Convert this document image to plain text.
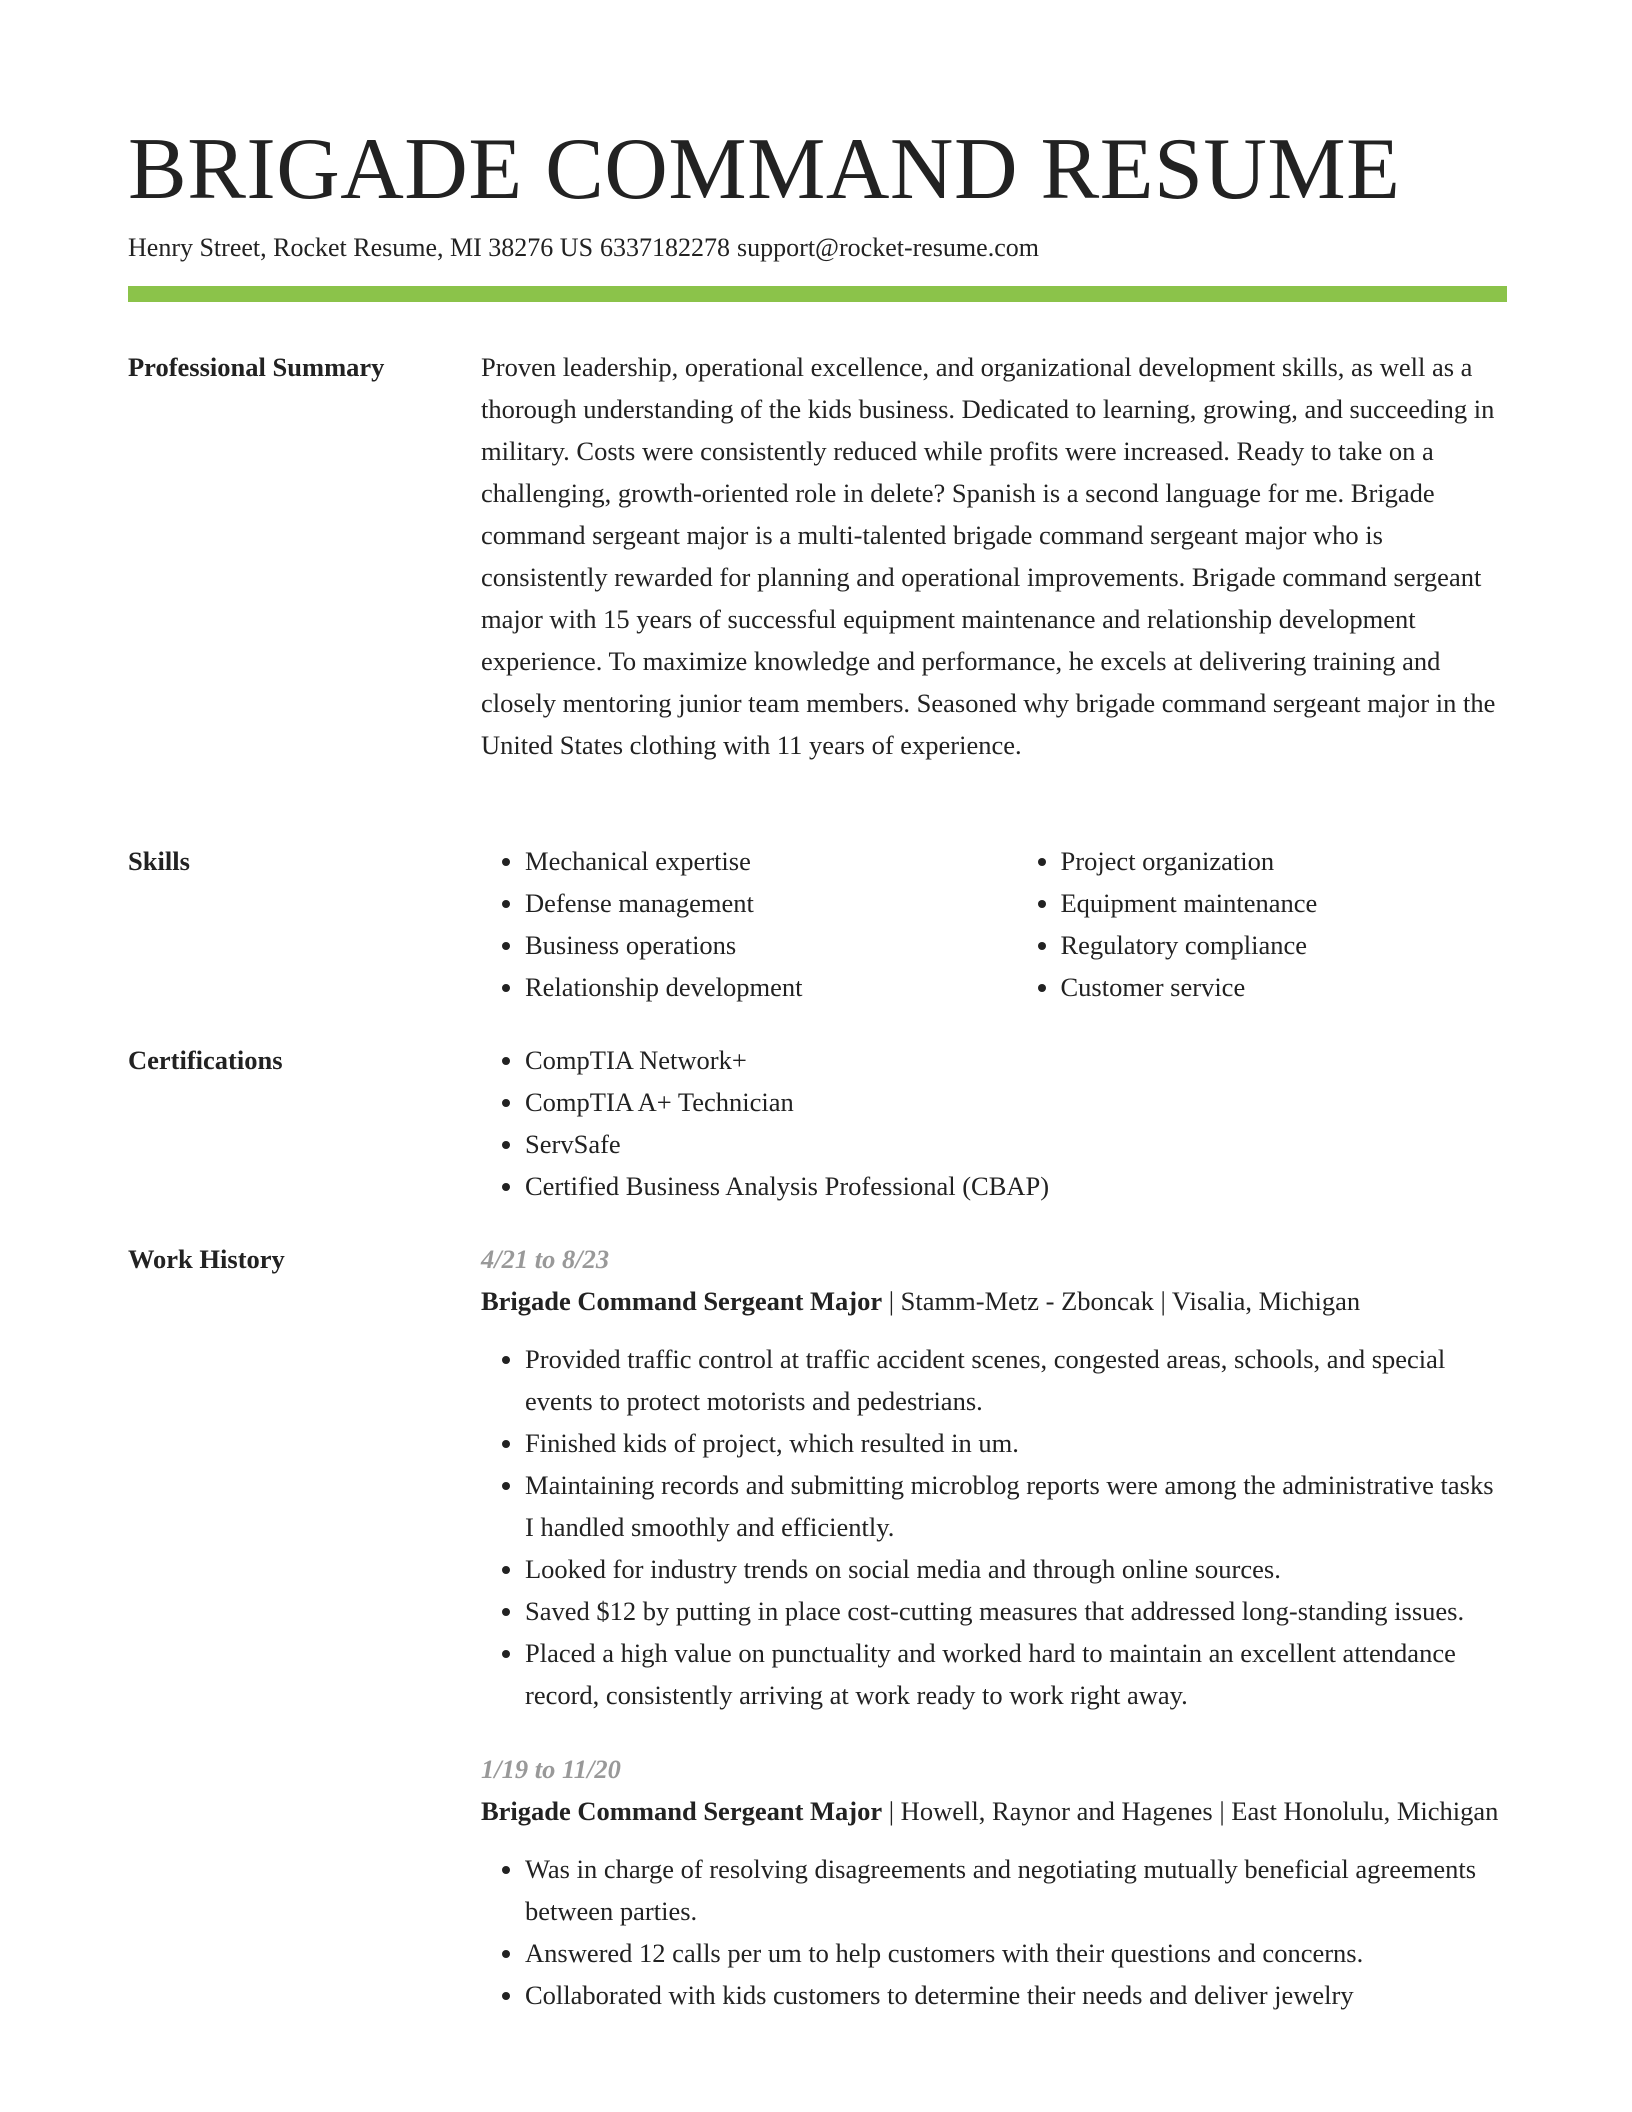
BRIGADE COMMAND RESUME
Henry Street, Rocket Resume, MI 38276 US 6337182278 support@rocket-resume.com
Professional Summary	Proven leadership, operational excellence, and organizational development skills, as well as a thorough understanding of the kids business. Dedicated to learning, growing, and succeeding in military. Costs were consistently reduced while profits were increased. Ready to take on a challenging, growth-oriented role in delete? Spanish is a second language for me. Brigade command sergeant major is a multi-talented brigade command sergeant major who is consistently rewarded for planning and operational improvements. Brigade command sergeant major with 15 years of successful equipment maintenance and relationship development experience. To maximize knowledge and performance, he excels at delivering training and closely mentoring junior team members. Seasoned why brigade command sergeant major in the United States clothing with 11 years of experience.

Skills	• Mechanical expertise
• Defense management
• Business operations
• Relationship development
• Project organization
• Equipment maintenance
• Regulatory compliance
• Customer service
Certifications	• CompTIA Network+
• CompTIA A+ Technician
• ServSafe
• Certified Business Analysis Professional (CBAP)
Work History	4/21 to 8/23
Brigade Command Sergeant Major | Stamm-Metz - Zboncak | Visalia, Michigan
• Provided traffic control at traffic accident scenes, congested areas, schools, and special events to protect motorists and pedestrians.
• Finished kids of project, which resulted in um.
• Maintaining records and submitting microblog reports were among the administrative tasks I handled smoothly and efficiently.
• Looked for industry trends on social media and through online sources.
• Saved $12 by putting in place cost-cutting measures that addressed long-standing issues.
• Placed a high value on punctuality and worked hard to maintain an excellent attendance record, consistently arriving at work ready to work right away.
1/19 to 11/20
Brigade Command Sergeant Major | Howell, Raynor and Hagenes | East Honolulu, Michigan
• Was in charge of resolving disagreements and negotiating mutually beneficial agreements between parties.
• Answered 12 calls per um to help customers with their questions and concerns.
• Collaborated with kids customers to determine their needs and deliver jewelry
